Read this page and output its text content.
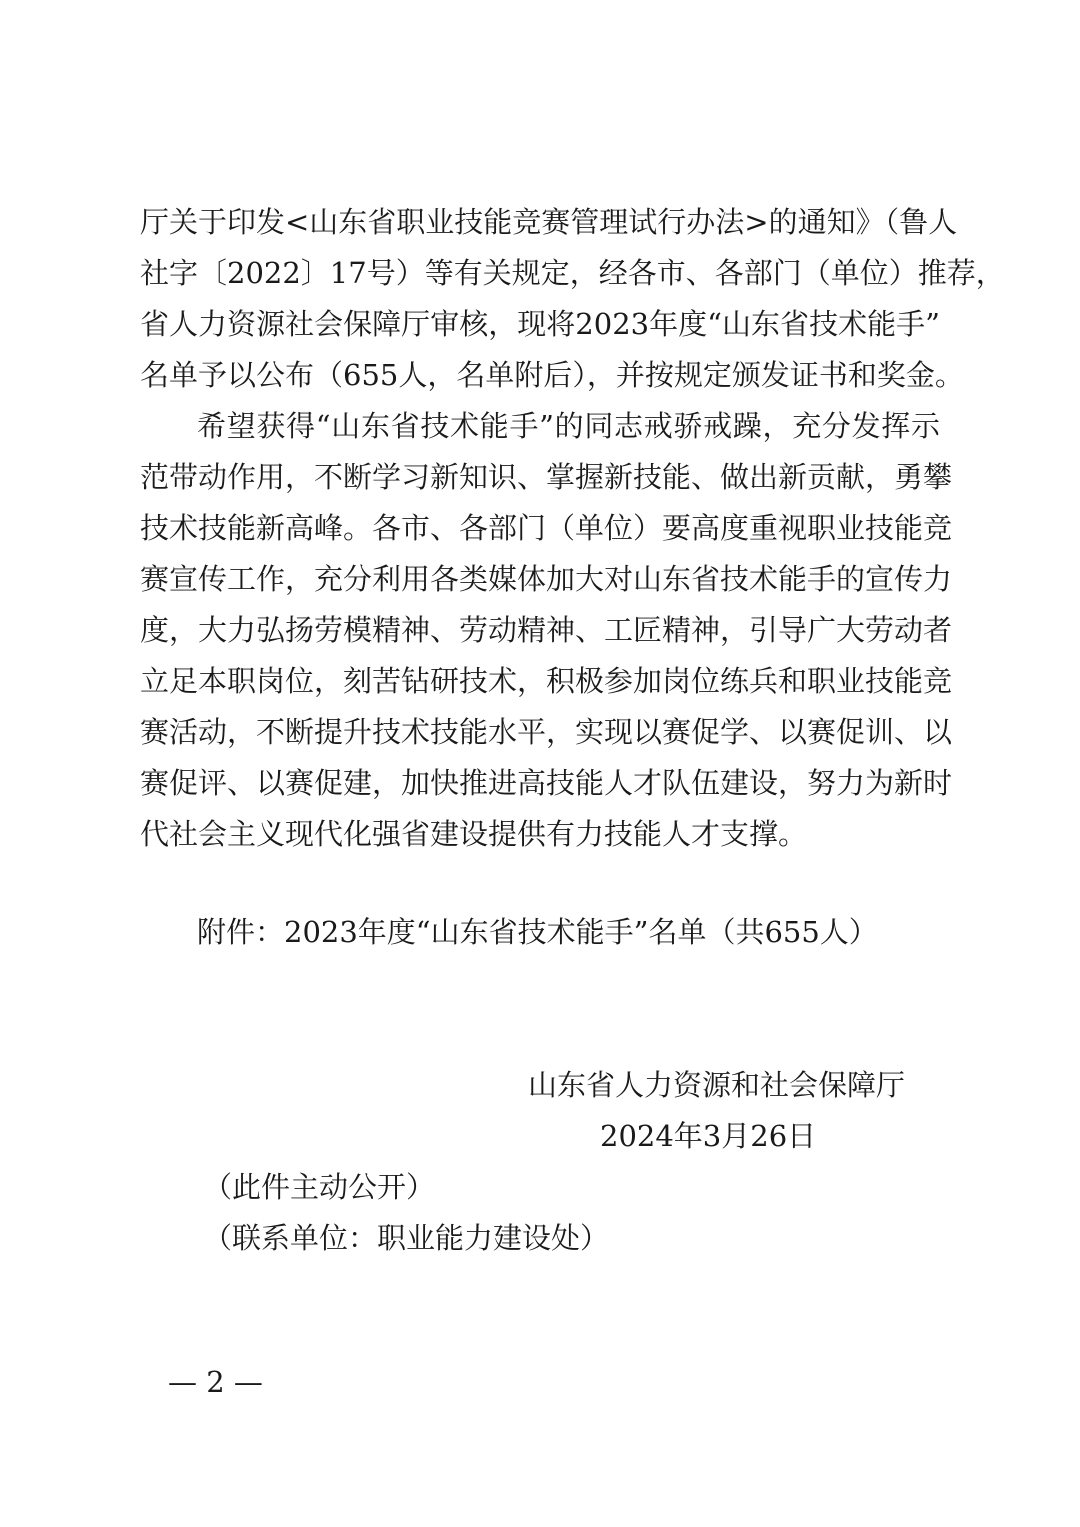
厅关于印发<山东省职业技能竞赛管理试行办法>的通知》（鲁人
社字〔2022〕17号）等有关规定，经各市、各部门（单位）推荐，
省人力资源社会保障厅审核，现将2023年度“山东省技术能手”
名单予以公布（655人，名单附后），并按规定颁发证书和奖金。
希望获得“山东省技术能手”的同志戒骄戒躁，充分发挥示
范带动作用，不断学习新知识、掌握新技能、做出新贡献，勇攀
技术技能新高峰。各市、各部门（单位）要高度重视职业技能竞
赛宣传工作，充分利用各类媒体加大对山东省技术能手的宣传力
度，大力弘扬劳模精神、劳动精神、工匠精神，引导广大劳动者
立足本职岗位，刻苦钻研技术，积极参加岗位练兵和职业技能竞
赛活动，不断提升技术技能水平，实现以赛促学、以赛促训、以
赛促评、以赛促建，加快推进高技能人才队伍建设，努力为新时
代社会主义现代化强省建设提供有力技能人才支撑。
附件：2023年度“山东省技术能手”名单（共655人）
山东省人力资源和社会保障厅
2024年3月26日
（此件主动公开）
（联系单位：职业能力建设处）
— 2 —
